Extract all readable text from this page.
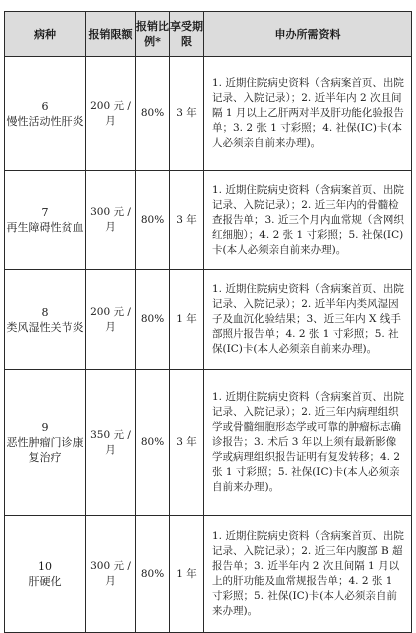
病种	报销限额	报销比例*	享受期限	申办所需资料

6
慢性活动性肝炎	200 元 / 月	80%	3 年	1. 近期住院病史资料（含病案首页、出院记录、入院记录）；2. 近半年内 2 次且间隔 1 月以上乙肝两对半及肝功能化验报告单；3. 2 张 1 寸彩照；4. 社保(IC)卡(本人必须亲自前来办理)。

7
再生障碍性贫血	300 元 / 月	80%	3 年	1. 近期住院病史资料（含病案首页、出院记录、入院记录）；2. 近三年内的骨髓检查报告单；3. 近三个月内血常规（含网织红细胞）；4. 2 张 1 寸彩照；5. 社保(IC)卡(本人必须亲自前来办理)。

8
类风湿性关节炎	200 元 / 月	80%	1 年	1. 近期住院病史资料（含病案首页、出院记录、入院记录）；2. 近半年内类风湿因子及血沉化验结果；3、近三年内 X 线手部照片报告单；4. 2 张 1 寸彩照；5. 社保(IC)卡(本人必须亲自前来办理)。

9
恶性肿瘤门诊康复治疗	350 元 / 月	80%	3 年	1. 近期住院病史资料（含病案首页、出院记录、入院记录）；2. 近三年内病理组织学或骨髓细胞形态学或可靠的肿瘤标志确诊报告；3. 术后 3 年以上须有最新影像学或病理组织报告证明有复发转移；4. 2 张 1 寸彩照；5. 社保(IC)卡(本人必须亲自前来办理)。

10
肝硬化	300 元 / 月	80%	1 年	1. 近期住院病史资料（含病案首页、出院记录、入院记录）；2. 近三年内腹部 B 超报告单；3. 近半年内 2 次且间隔 1 月以上的肝功能及血常规报告单；4. 2 张 1 寸彩照；5. 社保(IC)卡(本人必须亲自前来办理)。
